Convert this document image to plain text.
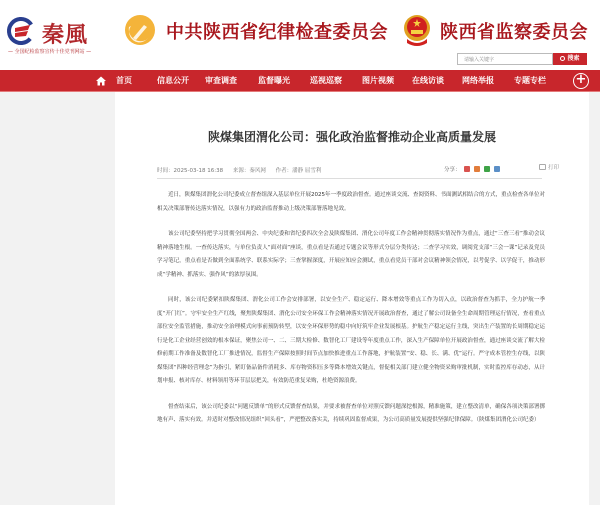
秦風
— 全国纪检监察宣传十佳党刊网站 —
中共陕西省纪律检查委员会	陕西省监察委员会
请输入关键字	搜索
首页	信息公开 审查调查	监督曝光	巡视巡察	图片视频 在线访谈 网络举报	专题专栏 +
陕煤集团渭化公司：强化政治监督推动企业高质量发展
时间：2025-03-18 16:38 来源：秦风网 作者：潘静 屈雪利	分享：	打印

近日，陕煤集团渭化公司纪委成立督查组深入基层单位开展2025年一季度政治督查。通过座谈交流、查阅资料、书面测试相结合的方式，重点检查各单位对相关决策部署传达落实情况，以强有力的政治监督推动上级决策部署落地见效。

该公司纪委坚持把学习贯彻全国两会、中央纪委和省纪委四次全会及陕煤集团、渭化公司年度工作会精神贯彻落实情况作为重点，通过“三查三看”推动会议精神落地生根。一查传达落实，与单位负责人“面对面”座谈，重点看是否通过专题会议等形式分层分类传达；二查学习实效，调阅党支部“三会一课”记录及党员学习笔记，重点看是否做到全面系统学、联系实际学；三查掌握深度，开展应知应会测试，重点看党员干部对会议精神领会情况，以考促学、以学促干，推动形成“学精神、抓落实、强作风”的浓厚氛围。

同时，该公司纪委紧扣陕煤集团、渭化公司工作会安排部署，以安全生产、稳定运行、降本增效等重点工作为切入点，以政治督查为抓手，全力护航一季度“开门红”。守牢安全生产红线，聚焦陕煤集团、渭化公司安全环保工作会精神落实情况开展政治督查，通过了解公司设备全生命周期管理运行情况，查看重点部位安全监管措施，推动安全治理模式向事前预防转型，以安全环保形势的稳中向好筑牢企业发展根基。护航生产稳定运行主线，突出生产装置的长周期稳定运行是化工企业经营创效的根本保证，聚焦公司一、二、三期大检修、数智化工厂建设等年度重点工作，深入生产保障单位开展政治督查，通过座谈交流了解大检修前期工作准备及数智化工厂推进情况，监督生产保障按照时间节点加快推进重点工作落地，护航装置“安、稳、长、满、优”运行。严守成本管控生存线，以陕煤集团“四种经营理念”为指引，紧盯备品备件消耗多、库存物资积压多等降本增效关键点，督促相关部门建立健全物资采购审批机制，实时监控库存动态，从计划申报、核对库存、材料领用等环节层层把关，有效防范重复采购，杜绝资源浪费。

督查结束后，该公司纪委以“问题反馈单”的形式反馈督查结果，并要求被督查单位对照反馈问题深挖根源，精准施策，建立整改清单，确保各项决策部署掷地有声、落实有效。并适时对整改情况组织“回头看”，严把整改落实关，持续巩固监督成果，为公司高质量发展提供坚强纪律保障。（陕煤集团渭化公司纪委）
